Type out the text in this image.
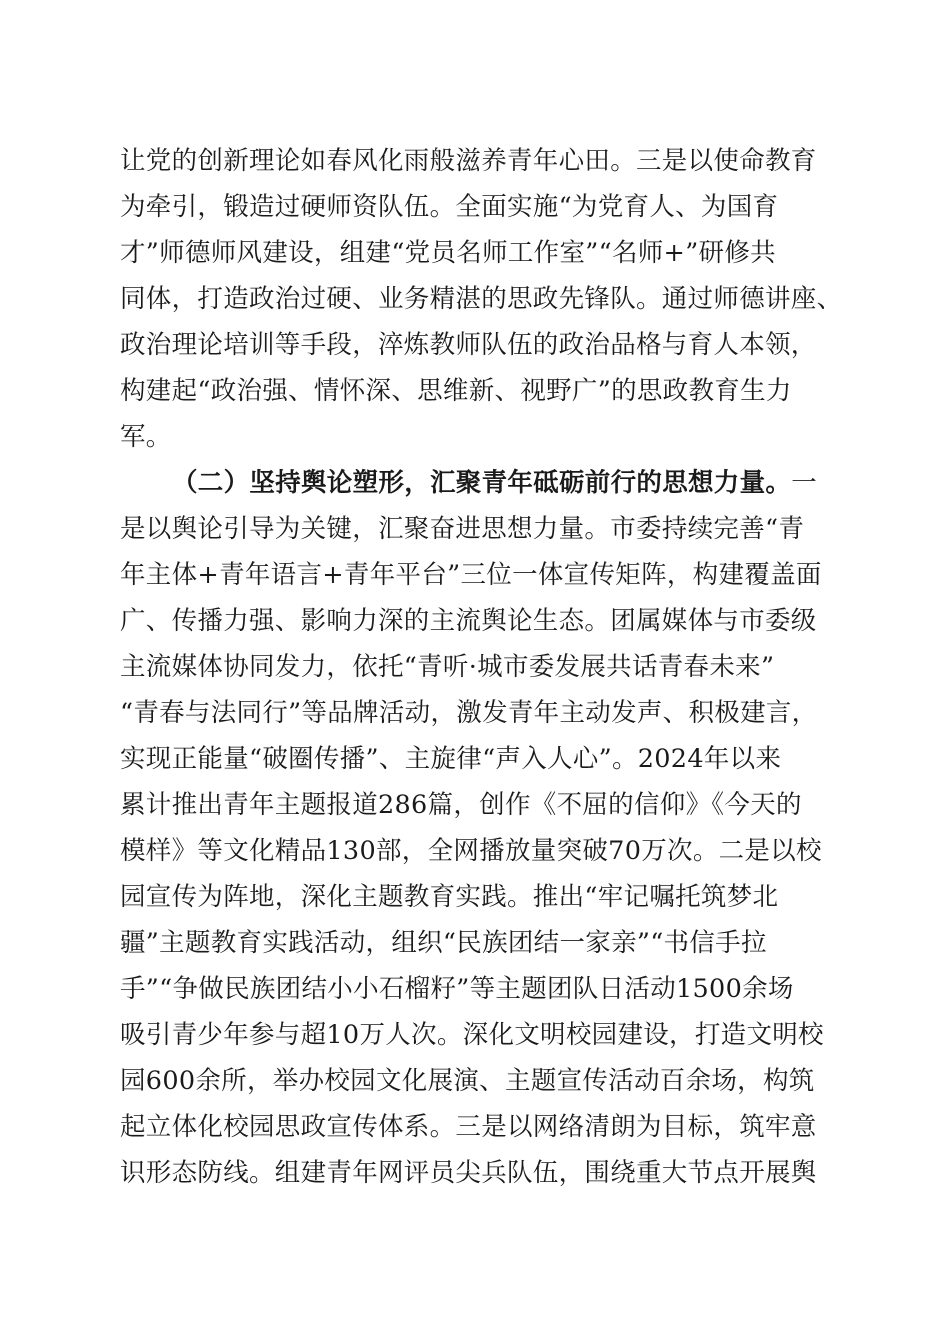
让党的创新理论如春风化雨般滋养青年心田。三是以使命教育
为牵引，锻造过硬师资队伍。全面实施“为党育人、为国育
才”师德师风建设，组建“党员名师工作室”“名师+”研修共
同体，打造政治过硬、业务精湛的思政先锋队。通过师德讲座、
政治理论培训等手段，淬炼教师队伍的政治品格与育人本领，
构建起“政治强、情怀深、思维新、视野广”的思政教育生力
军。
（二）坚持舆论塑形，汇聚青年砥砺前行的思想力量。一
是以舆论引导为关键，汇聚奋进思想力量。市委持续完善“青
年主体+青年语言+青年平台”三位一体宣传矩阵，构建覆盖面
广、传播力强、影响力深的主流舆论生态。团属媒体与市委级
主流媒体协同发力，依托“青听·城市委发展共话青春未来”
“青春与法同行”等品牌活动，激发青年主动发声、积极建言，
实现正能量“破圈传播”、主旋律“声入人心”。2024年以来
累计推出青年主题报道286篇，创作《不屈的信仰》《今天的
模样》等文化精品130部，全网播放量突破70万次。二是以校
园宣传为阵地，深化主题教育实践。推出“牢记嘱托筑梦北
疆”主题教育实践活动，组织“民族团结一家亲”“书信手拉
手”“争做民族团结小小石榴籽”等主题团队日活动1500余场
吸引青少年参与超10万人次。深化文明校园建设，打造文明校
园600余所，举办校园文化展演、主题宣传活动百余场，构筑
起立体化校园思政宣传体系。三是以网络清朗为目标，筑牢意
识形态防线。组建青年网评员尖兵队伍，围绕重大节点开展舆
